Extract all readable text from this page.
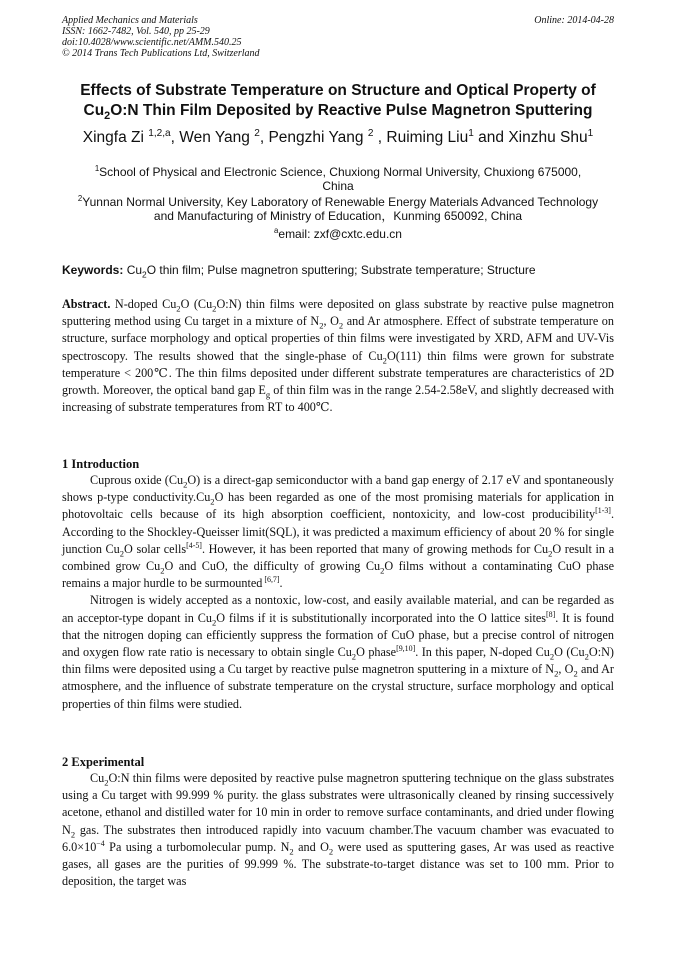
Applied Mechanics and Materials
ISSN: 1662-7482, Vol. 540, pp 25-29
doi:10.4028/www.scientific.net/AMM.540.25
© 2014 Trans Tech Publications Ltd, Switzerland
Online: 2014-04-28
Effects of Substrate Temperature on Structure and Optical Property of
$Cu_2O:N$ Thin Film Deposited by Reactive Pulse Magnetron Sputtering
Xingfa Zi $^{1,2,a}$, Wen Yang $^2$, Pengzhi Yang $^2$ , Ruiming Liu$^1$ and Xinzhu Shu$^1$
$^1$School of Physical and Electronic Science, Chuxiong Normal University, Chuxiong 675000,
China
$^2$Yunnan Normal University, Key Laboratory of Renewable Energy Materials Advanced Technology
and Manufacturing of Ministry of Education，Kunming 650092, China
$^a$email: zxf@cxtc.edu.cn
Keywords: $Cu_2O$ thin film; Pulse magnetron sputtering; Substrate temperature; Structure

Abstract. N-doped $Cu_2O$ $(Cu_2O:N)$ thin films were deposited on glass substrate by reactive pulse magnetron sputtering method using Cu target in a mixture of $N_2$, $O_2$ and Ar atmosphere. Effect of substrate temperature on structure, surface morphology and optical properties of thin films were investigated by XRD, AFM and UV-Vis spectroscopy. The results showed that the single-phase of $Cu_2O(111)$ thin films were grown for substrate temperature < 200℃. The thin films deposited under different substrate temperatures are characteristics of 2D growth. Moreover, the optical band gap $E_g$ of thin film was in the range 2.54-2.58eV, and slightly decreased with increasing of substrate temperatures from RT to 400℃.

1 Introduction

Cuprous oxide $(Cu_2O)$ is a direct-gap semiconductor with a band gap energy of 2.17 eV and spontaneously shows p-type $conductivity.Cu_2O$ has been regarded as one of the most promising materials for application in photovoltaic cells because of its high absorption coefficient, nontoxicity, and low-cost producibility[1-3]. According to the Shockley-Queisser limit(SQL), it was predicted a maximum efficiency of about 20 % for single junction $Cu_2O$ solar cells[4-5]. However, it has been reported that many of growing methods for $Cu_2O$ result in a combined grow $Cu_2O$ and CuO, the difficulty of growing $Cu_2O$ films without a contaminating CuO phase remains a major hurdle to be surmounted [6,7].

Nitrogen is widely accepted as a nontoxic, low-cost, and easily available material, and can be regarded as an acceptor-type dopant in $Cu_2O$ films if it is substitutionally incorporated into the O lattice sites[8]. It is found that the nitrogen doping can efficiently suppress the formation of CuO phase, but a precise control of nitrogen and oxygen flow rate ratio is necessary to obtain single $Cu_2O$ phase[9,10]. In this paper, N-doped $Cu_2O$ $(Cu_2O:N)$ thin films were deposited using a Cu target by reactive pulse magnetron sputtering in a mixture of $N_2$, $O_2$ and Ar atmosphere, and the influence of substrate temperature on the crystal structure, surface morphology and optical properties of thin films were studied.

2 Experimental

$Cu_2O:N$ thin films were deposited by reactive pulse magnetron sputtering technique on the glass substrates using a Cu target with 99.999 % purity. the glass substrates were ultrasonically cleaned by rinsing successively acetone, ethanol and distilled water for 10 min in order to remove surface contaminants, and dried under flowing $N_2$ gas. The substrates then introduced rapidly into vacuum chamber.The vacuum chamber was evacuated to $6.0\times 10^{-4}$ Pa using a turbomolecular pump. $N_2$ and $O_2$ were used as sputtering gases, Ar was used as reactive gases, all gases are the purities of 99.999 %. The substrate-to-target distance was set to 100 mm. Prior to deposition, the target was
